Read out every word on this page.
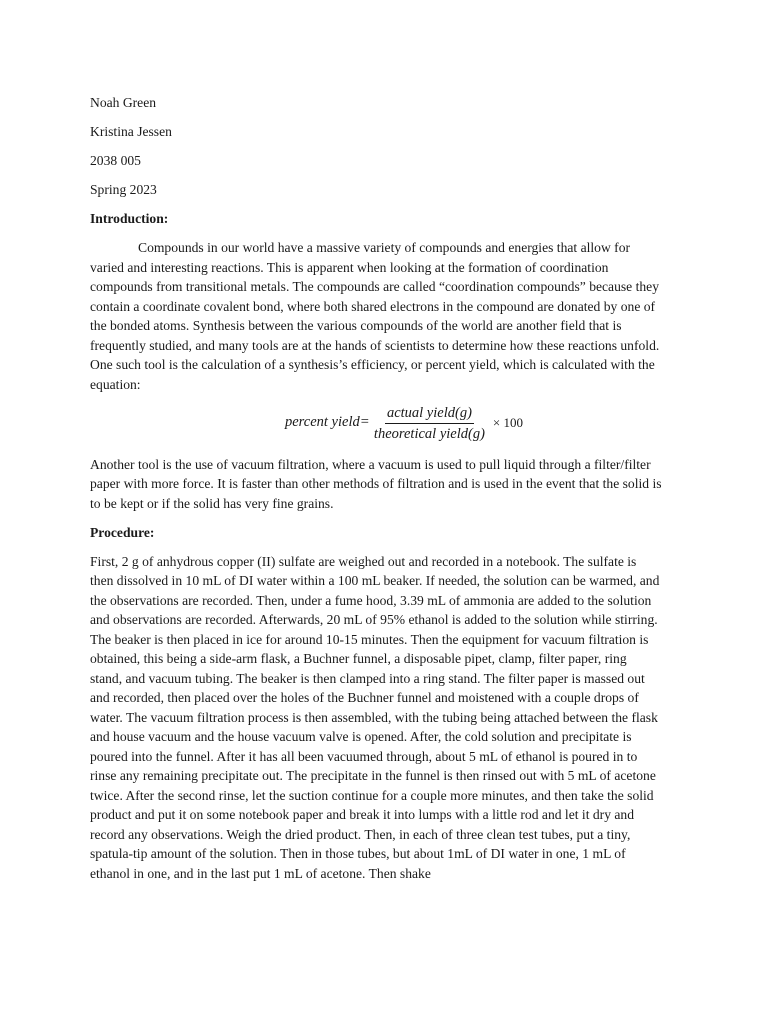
Noah Green
Kristina Jessen
2038 005
Spring 2023
Introduction:

Compounds in our world have a massive variety of compounds and energies that allow for varied and interesting reactions. This is apparent when looking at the formation of coordination compounds from transitional metals. The compounds are called “coordination compounds” because they contain a coordinate covalent bond, where both shared electrons in the compound are donated by one of the bonded atoms. Synthesis between the various compounds of the world are another field that is frequently studied, and many tools are at the hands of scientists to determine how these reactions unfold. One such tool is the calculation of a synthesis’s efficiency, or percent yield, which is calculated with the equation:

percent yield = $\frac{\text{actual yield(g)}}{\text{theoretical yield(g)}} \times 100$

Another tool is the use of vacuum filtration, where a vacuum is used to pull liquid through a filter/filter paper with more force. It is faster than other methods of filtration and is used in the event that the solid is to be kept or if the solid has very fine grains.

Procedure:

First, 2 g of anhydrous copper (II) sulfate are weighed out and recorded in a notebook. The sulfate is then dissolved in 10 mL of DI water within a 100 mL beaker. If needed, the solution can be warmed, and the observations are recorded. Then, under a fume hood, 3.39 mL of ammonia are added to the solution and observations are recorded. Afterwards, 20 mL of 95% ethanol is added to the solution while stirring. The beaker is then placed in ice for around 10-15 minutes. Then the equipment for vacuum filtration is obtained, this being a side-arm flask, a Buchner funnel, a disposable pipet, clamp, filter paper, ring stand, and vacuum tubing. The beaker is then clamped into a ring stand. The filter paper is massed out and recorded, then placed over the holes of the Buchner funnel and moistened with a couple drops of water. The vacuum filtration process is then assembled, with the tubing being attached between the flask and house vacuum and the house vacuum valve is opened. After, the cold solution and precipitate is poured into the funnel. After it has all been vacuumed through, about 5 mL of ethanol is poured in to rinse any remaining precipitate out. The precipitate in the funnel is then rinsed out with 5 mL of acetone twice. After the second rinse, let the suction continue for a couple more minutes, and then take the solid product and put it on some notebook paper and break it into lumps with a little rod and let it dry and record any observations. Weigh the dried product. Then, in each of three clean test tubes, put a tiny, spatula-tip amount of the solution. Then in those tubes, but about 1mL of DI water in one, 1 mL of ethanol in one, and in the last put 1 mL of acetone. Then shake
